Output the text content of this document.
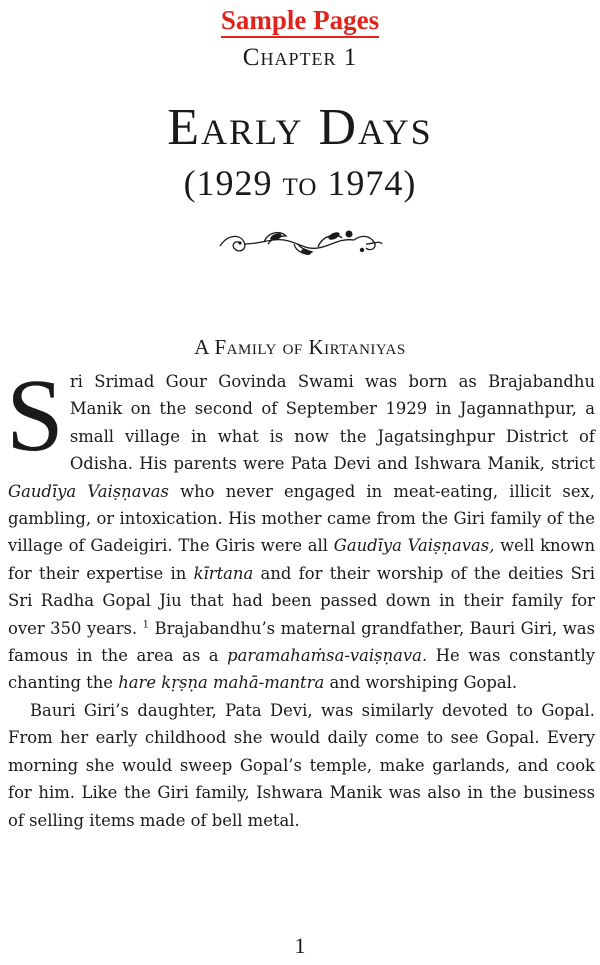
Sample Pages
Chapter 1
Early Days
(1929 to 1974)
A Family of Kirtaniyas

Sri Srimad Gour Govinda Swami was born as Brajabandhu Manik on the second of September 1929 in Jagannathpur, a small village in what is now the Jagatsinghpur District of Odisha. His parents were Pata Devi and Ishwara Manik, strict Gaudīya Vaiṣṇavas who never engaged in meat-eating, illicit sex, gambling, or intoxication. His mother came from the Giri family of the village of Gadeigiri. The Giris were all Gaudīya Vaiṣṇavas, well known for their expertise in kīrtana and for their worship of the deities Sri Sri Radha Gopal Jiu that had been passed down in their family for over 350 years. $^1$ Brajabandhu’s maternal grandfather, Bauri Giri, was famous in the area as a paramahaṁsa-vaiṣṇava. He was constantly chanting the hare kṛṣṇa mahā-mantra and worshiping Gopal.

Bauri Giri’s daughter, Pata Devi, was similarly devoted to Gopal. From her early childhood she would daily come to see Gopal. Every morning she would sweep Gopal’s temple, make garlands, and cook for him. Like the Giri family, Ishwara Manik was also in the business of selling items made of bell metal.

1
